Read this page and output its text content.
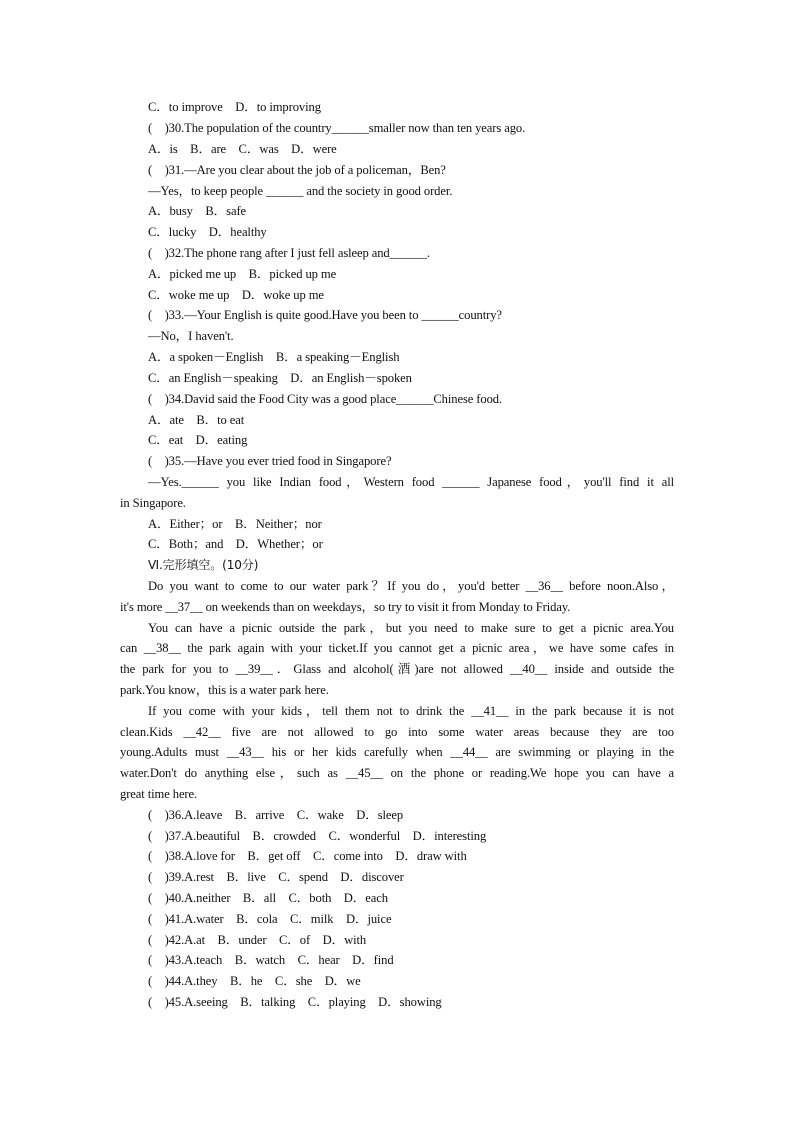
C．to improve　D．to improving
(　)30.The population of the country______smaller now than ten years ago.
A．is　B．are　C．was　D．were
(　)31.—Are you clear about the job of a policeman，Ben?
—Yes，to keep people ______ and the society in good order.
A．busy　B．safe
C．lucky　D．healthy
(　)32.The phone rang after I just fell asleep and______.
A．picked me up　B．picked up me
C．woke me up　D．woke up me
(　)33.—Your English is quite good.Have you been to ______country?
—No，I haven't.
A．a spoken－English　B．a speaking－English
C．an English－speaking　D．an English－spoken
(　)34.David said the Food City was a good place______Chinese food.
A．ate　B．to eat
C．eat　D．eating
(　)35.—Have you ever tried food in Singapore?
—Yes.______ you like Indian food，Western food ______ Japanese food，you'll find it all
in Singapore.
A．Either；or　B．Neither；nor
C．Both；and　D．Whether；or
Ⅵ.完形填空。(10分)
Do you want to come to our water park？If you do，you'd better __36__ before noon.Also，
it's more __37__ on weekends than on weekdays，so try to visit it from Monday to Friday.
You can have a picnic outside the park，but you need to make sure to get a picnic area.You
can __38__ the park again with your ticket.If you cannot get a picnic area，we have some cafes in
the park for you to __39__．Glass and alcohol(酒)are not allowed __40__ inside and outside the
park.You know，this is a water park here.
If you come with your kids，tell them not to drink the __41__ in the park because it is not
clean.Kids __42__ five are not allowed to go into some water areas because they are too
young.Adults must __43__ his or her kids carefully when __44__ are swimming or playing in the
water.Don't do anything else，such as __45__ on the phone or reading.We hope you can have a
great time here.
(　)36.A.leave　B．arrive　C．wake　D．sleep
(　)37.A.beautiful　B．crowded　C．wonderful　D．interesting
(　)38.A.love for　B．get off　C．come into　D．draw with
(　)39.A.rest　B．live　C．spend　D．discover
(　)40.A.neither　B．all　C．both　D．each
(　)41.A.water　B．cola　C．milk　D．juice
(　)42.A.at　B．under　C．of　D．with
(　)43.A.teach　B．watch　C．hear　D．find
(　)44.A.they　B．he　C．she　D．we
(　)45.A.seeing　B．talking　C．playing　D．showing
